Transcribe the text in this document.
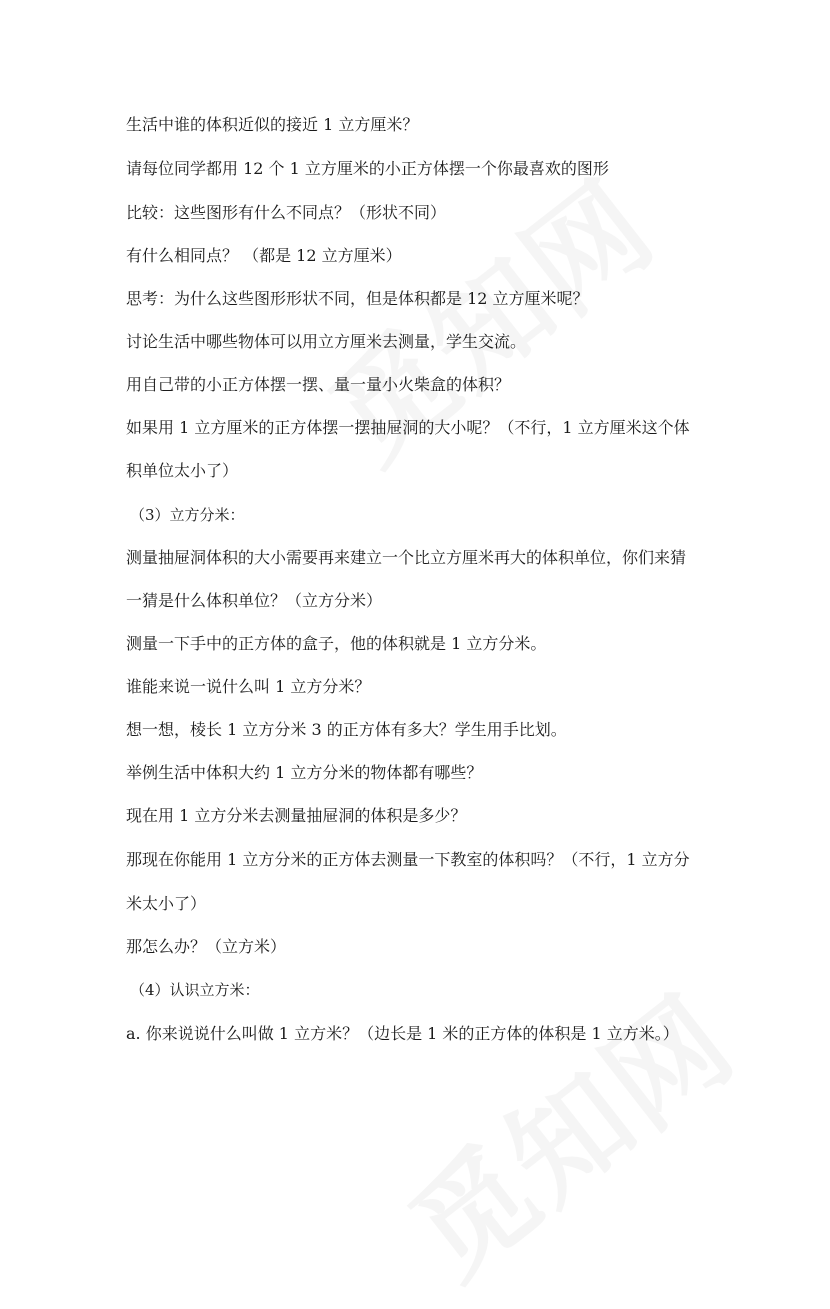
生活中谁的体积近似的接近 1 立方厘米？
请每位同学都用 12 个 1 立方厘米的小正方体摆一个你最喜欢的图形
比较：这些图形有什么不同点？（形状不同）
有什么相同点？ （都是 12 立方厘米）
思考：为什么这些图形形状不同，但是体积都是 12 立方厘米呢？
讨论生活中哪些物体可以用立方厘米去测量，学生交流。
用自己带的小正方体摆一摆、量一量小火柴盒的体积？
如果用 1 立方厘米的正方体摆一摆抽屉洞的大小呢？（不行，1 立方厘米这个体
积单位太小了）
（3）立方分米：
测量抽屉洞体积的大小需要再来建立一个比立方厘米再大的体积单位，你们来猜
一猜是什么体积单位？（立方分米）
测量一下手中的正方体的盒子，他的体积就是 1 立方分米。
谁能来说一说什么叫 1 立方分米？
想一想，棱长 1 立方分米 3 的正方体有多大？学生用手比划。
举例生活中体积大约 1 立方分米的物体都有哪些？
现在用 1 立方分米去测量抽屉洞的体积是多少？
那现在你能用 1 立方分米的正方体去测量一下教室的体积吗？（不行，1 立方分
米太小了）
那怎么办？（立方米）
（4）认识立方米：
a. 你来说说什么叫做 1 立方米？（边长是 1 米的正方体的体积是 1 立方米。）
